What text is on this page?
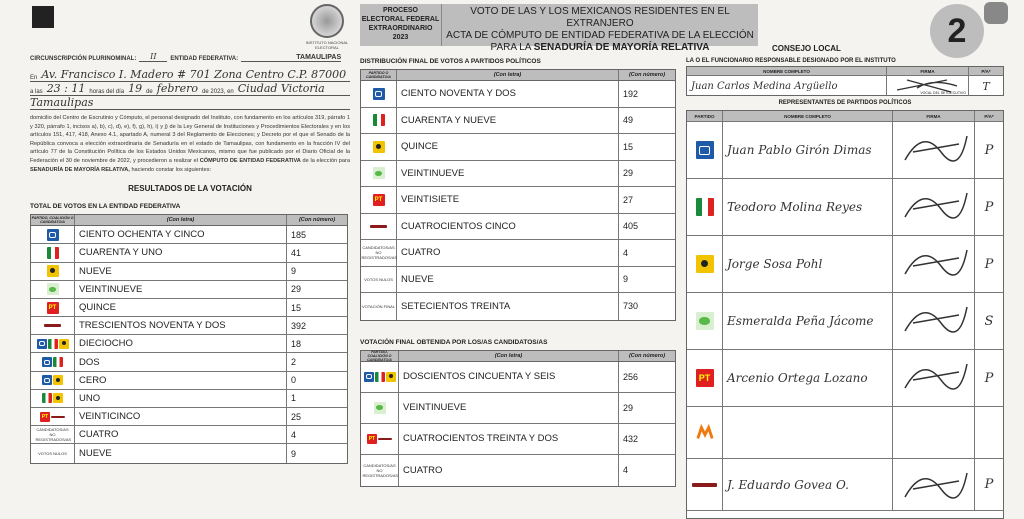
INSTITUTO NACIONAL ELECTORAL
PROCESO
ELECTORAL FEDERAL
EXTRAORDINARIO
2023
VOTO DE LAS Y LOS MEXICANOS RESIDENTES EN EL EXTRANJERO
ACTA DE CÓMPUTO DE ENTIDAD FEDERATIVA DE LA ELECCIÓN
PARA LA SENADURÍA DE MAYORÍA RELATIVA	2
CIRCUNSCRIPCIÓN PLURINOMINAL:	II	ENTIDAD FEDERATIVA:	TAMAULIPAS
En Av. Francisco I. Madero # 701 Zona Centro C.P. 87000
a las 23 : 11 horas del día 19 de febrero de 2023, en Ciudad Victoria
Tamaulipas
domicilio del Centro de Escrutinio y Cómputo, el personal designado del Instituto, con fundamento en los artículos 319, párrafo 1 y 320, párrafo 1, incisos a), b), c), d), e), f), g), h), i) y j) de la Ley General de Instituciones y Procedimientos Electorales y en los artículos 151, 417, 418, Anexo 4.1, apartado A, numeral 3 del Reglamento de Elecciones; y Decreto por el que el Senado de la República convoca a elección extraordinaria de Senaduría en el estado de Tamaulipas, con fundamento en la fracción IV del artículo 77 de la Constitución Política de los Estados Unidos Mexicanos, mismo que fue publicado por el Diario Oficial de la Federación el 30 de noviembre de 2022, y procedieron a realizar el CÓMPUTO DE ENTIDAD FEDERATIVA de la elección para SENADURÍA DE MAYORÍA RELATIVA, haciendo constar los siguientes:
RESULTADOS DE LA VOTACIÓN
TOTAL DE VOTOS EN LA ENTIDAD FEDERATIVA
PARTIDO, COALICIÓN O CANDIDATO/A	(Con letra)	(Con número)
CIENTO OCHENTA Y CINCO	185
CUARENTA Y UNO	41
NUEVE	9
VEINTINUEVE	29
PT	QUINCE	15
TRESCIENTOS NOVENTA Y DOS	392
DIECIOCHO	18
DOS	2
CERO	0
UNO	1
PT	VEINTICINCO	25
CANDIDATOS/AS NO REGISTRADOS/AS CUATRO	4
VOTOS NULOS	NUEVE	9
DISTRIBUCIÓN FINAL DE VOTOS A PARTIDOS POLÍTICOS
PARTIDO O CANDIDATO/A	(Con letra)	(Con número)
CIENTO NOVENTA Y DOS	192
CUARENTA Y NUEVE	49
QUINCE	15
VEINTINUEVE	29
PT	VEINTISIETE	27
CUATROCIENTOS CINCO	405
CANDIDATOS/AS NO REGISTRADOS/AS CUATRO	4
VOTOS NULOS NUEVE	9
VOTACIÓN FINAL SETECIENTOS TREINTA	730
VOTACIÓN FINAL OBTENIDA POR LOS/AS CANDIDATOS/AS
PARTIDO, COALICIÓN O CANDIDATO/A
(Con letra)	(Con número)
DOSCIENTOS CINCUENTA Y SEIS	256
VEINTINUEVE	29
PT	CUATROCIENTOS TREINTA Y DOS	432
CANDIDATOS/AS NO REGISTRADOS/AS CUATRO	4
CONSEJO LOCAL
LA O EL FUNCIONARIO RESPONSABLE DESIGNADO POR EL INSTITUTO
NOMBRE COMPLETO	FIRMA	P/A*
Juan Carlos Medina Argüello
VOCAL DEL SE EJECUTIVO
T
REPRESENTANTES DE PARTIDOS POLÍTICOS
PARTIDO	NOMBRE COMPLETO	FIRMA	P/A*
Juan Pablo Girón Dimas	P
Teodoro Molina Reyes	P
Jorge Sosa Pohl	P
Esmeralda Peña Jácome	S
PT	Arcenio Ortega Lozano	P
J. Eduardo Govea O.	P
